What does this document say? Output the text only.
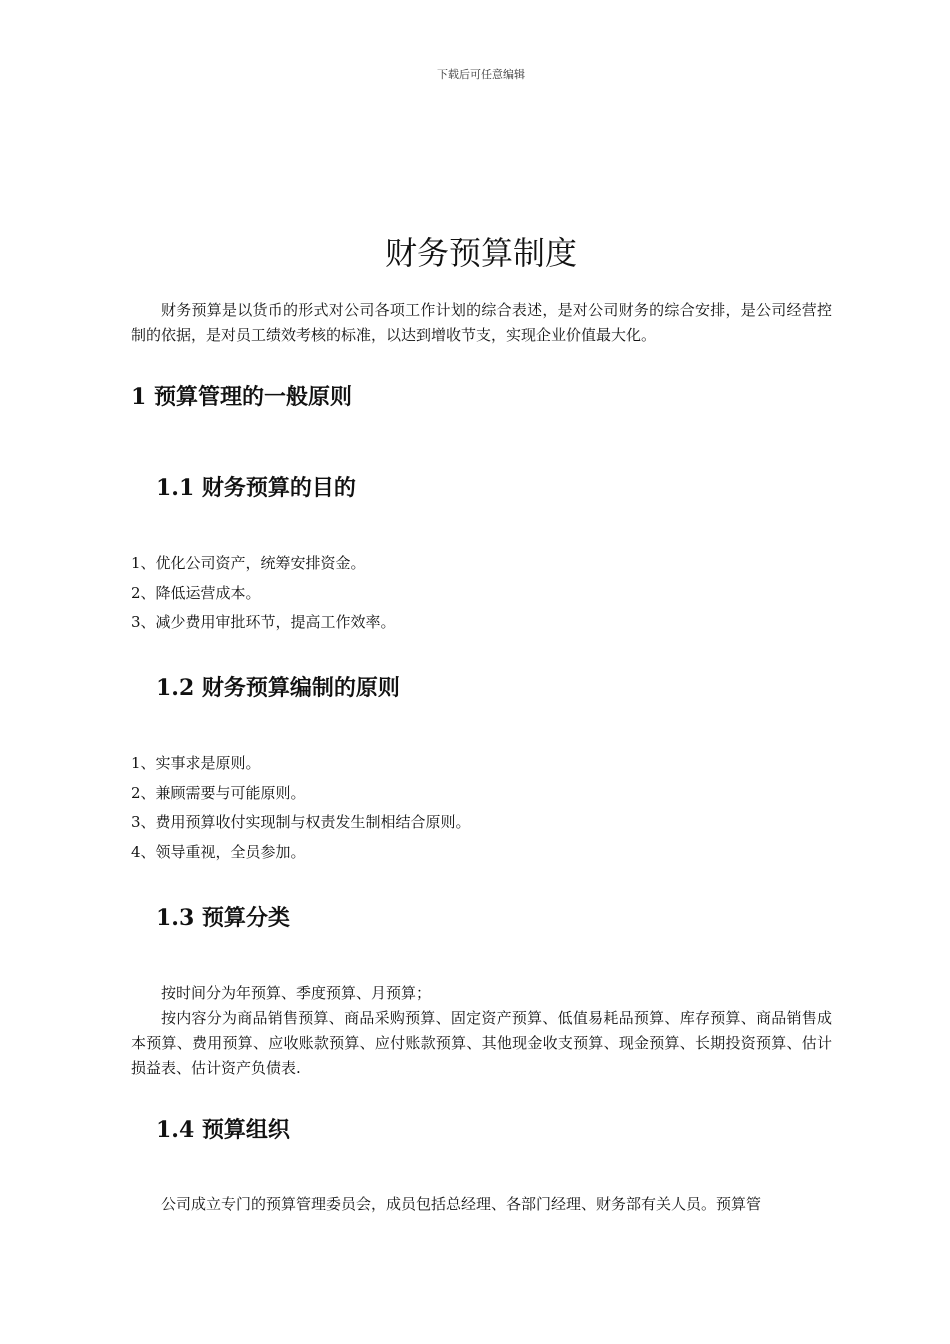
下载后可任意编辑
财务预算制度

财务预算是以货币的形式对公司各项工作计划的综合表述，是对公司财务的综合安排，是公司经营控制的依据，是对员工绩效考核的标准，以达到增收节支，实现企业价值最大化。

1 预算管理的一般原则
1.1 财务预算的目的
1、优化公司资产，统筹安排资金。
2、降低运营成本。
3、减少费用审批环节，提高工作效率。
1.2 财务预算编制的原则
1、实事求是原则。
2、兼顾需要与可能原则。
3、费用预算收付实现制与权责发生制相结合原则。
4、领导重视，全员参加。
1.3 预算分类

按时间分为年预算、季度预算、月预算；

按内容分为商品销售预算、商品采购预算、固定资产预算、低值易耗品预算、库存预算、商品销售成本预算、费用预算、应收账款预算、应付账款预算、其他现金收支预算、现金预算、长期投资预算、估计损益表、估计资产负债表.

1.4 预算组织

公司成立专门的预算管理委员会，成员包括总经理、各部门经理、财务部有关人员。预算管
